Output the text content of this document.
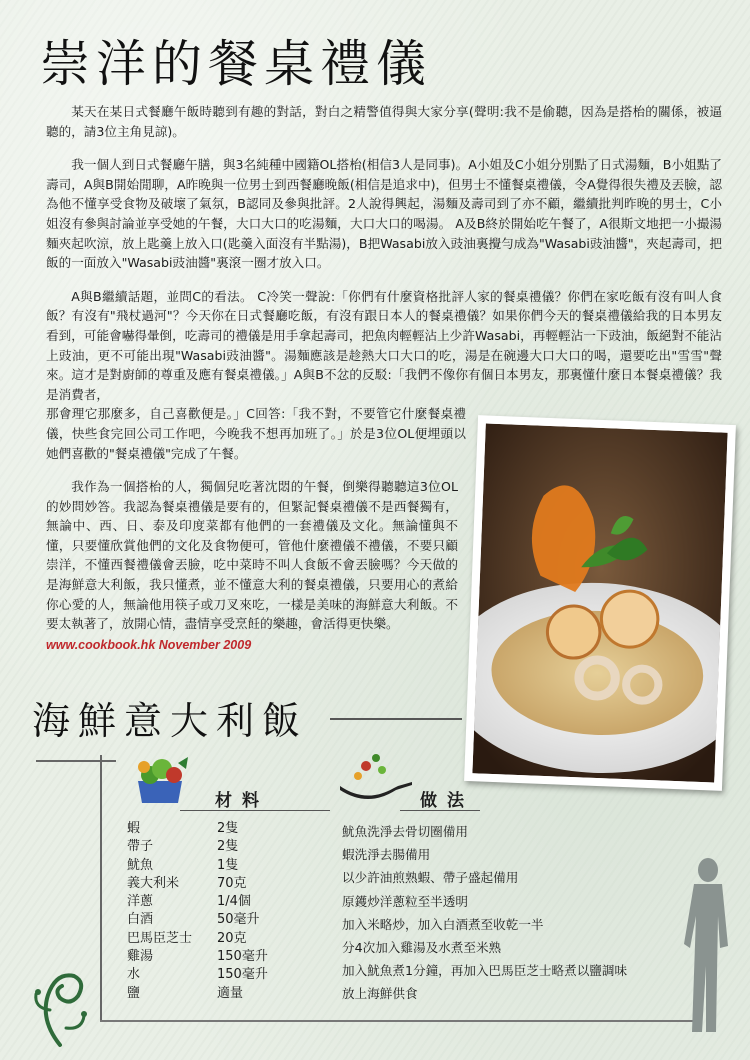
崇洋的餐桌禮儀

某天在某日式餐廳午飯時聽到有趣的對話，對白之精警值得與大家分享(聲明:我不是偷聽，因為是搭枱的關係，被逼聽的，請3位主角見諒)。

我一個人到日式餐廳午膳，與3名純種中國籍OL搭枱(相信3人是同事)。A小姐及C小姐分別點了日式湯麵，B小姐點了壽司，A與B開始閒聊，A昨晚與一位男士到西餐廳晚飯(相信是追求中)，但男士不懂餐桌禮儀，令A覺得很失禮及丟臉，認為他不懂享受食物及破壞了氣氛，B認同及參與批評。2人說得興起，湯麵及壽司到了亦不顧，繼續批判昨晚的男士，C小姐沒有參與討論並享受她的午餐，大口大口的吃湯麵，大口大口的喝湯。 A及B終於開始吃午餐了，A很斯文地把一小撮湯麵夾起吹涼，放上匙羹上放入口(匙羹入面沒有半點湯)，B把Wasabi放入豉油裏攪勻成為"Wasabi豉油醬"，夾起壽司，把飯的一面放入"Wasabi豉油醬"裏滾一圈才放入口。

A與B繼續話題，並問C的看法。 C冷笑一聲說:「你們有什麼資格批評人家的餐桌禮儀？你們在家吃飯有沒有叫人食飯？有沒有"飛杖過河"？今天你在日式餐廳吃飯，有沒有跟日本人的餐桌禮儀？如果你們今天的餐桌禮儀給我的日本男友看到，可能會嚇得暈倒，吃壽司的禮儀是用手拿起壽司，把魚肉輕輕沾上少許Wasabi，再輕輕沾一下豉油，飯絕對不能沾上豉油，更不可能出現"Wasabi豉油醬"。湯麵應該是趁熱大口大口的吃，湯是在碗邊大口大口的喝，還要吃出"雪雪"聲來。這才是對廚師的尊重及應有餐桌禮儀。」A與B不忿的反駁:「我們不像你有個日本男友，那裏懂什麼日本餐桌禮儀？我是消費者，

那會理它那麼多，自己喜歡便是。」C回答:「我不對，不要管它什麼餐桌禮儀，快些食完回公司工作吧，今晚我不想再加班了。」於是3位OL便埋頭以她們喜歡的"餐桌禮儀"完成了午餐。

我作為一個搭枱的人，獨個兒吃著沈悶的午餐，倒樂得聽聽這3位OL的妙問妙答。我認為餐桌禮儀是要有的，但緊記餐桌禮儀不是西餐獨有，無論中、西、日、泰及印度菜都有他們的一套禮儀及文化。無論懂與不懂，只要懂欣賞他們的文化及食物便可，管他什麼禮儀不禮儀，不要只顧崇洋，不懂西餐禮儀會丟臉，吃中菜時不叫人食飯不會丟臉嗎？今天做的是海鮮意大利飯，我只懂煮，並不懂意大利的餐桌禮儀，只要用心的煮給你心愛的人，無論他用筷子或刀叉來吃，一樣是美味的海鮮意大利飯。不要太執著了，放開心情，盡情享受烹飪的樂趣，會活得更快樂。

www.cookbook.hk November 2009
海鮮意大利飯
材料	做法
蝦	2隻
帶子	2隻
魷魚	1隻
義大利米	70克
洋蔥	1/4個
白酒	50毫升
巴馬臣芝士	20克
雞湯	150毫升
水	150毫升
鹽	適量
魷魚洗淨去骨切圈備用
蝦洗淨去腸備用
以少許油煎熟蝦、帶子盛起備用
原鑊炒洋蔥粒至半透明
加入米略炒，加入白酒煮至收乾一半
分4次加入雞湯及水煮至米熟
加入魷魚煮1分鐘，再加入巴馬臣芝士略煮以鹽調味
放上海鮮供食
